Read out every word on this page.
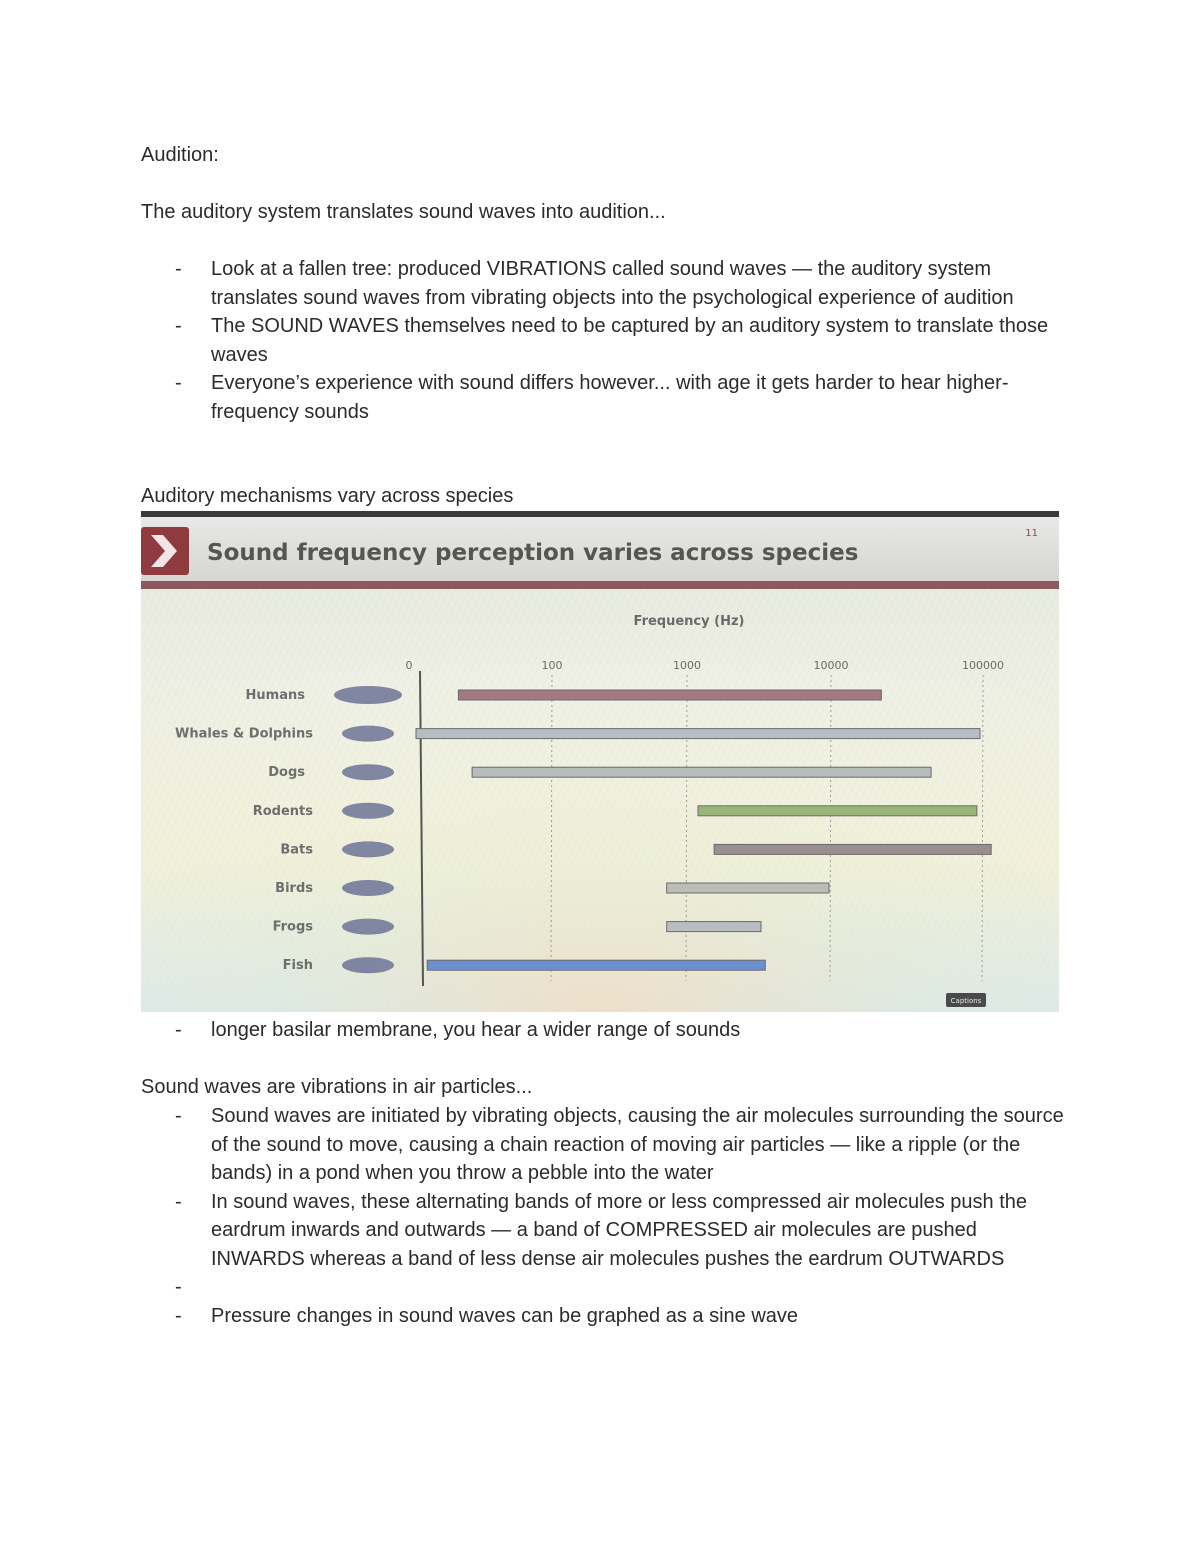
Audition:

The auditory system translates sound waves into audition...

- Look at a fallen tree: produced VIBRATIONS called sound waves — the auditory system translates sound waves from vibrating objects into the psychological experience of audition
- The SOUND WAVES themselves need to be captured by an auditory system to translate those waves
- Everyone’s experience with sound differs however... with age it gets harder to hear higher-frequency sounds

Auditory mechanisms vary across species

Sound frequency perception varies across species
11
Frequency (Hz)
0	100	1000	10000	100000
Humans
Whales & Dolphins
Dogs
Rodents
Bats
Birds
Frogs
Fish
Captions
- longer basilar membrane, you hear a wider range of sounds

Sound waves are vibrations in air particles...

- Sound waves are initiated by vibrating objects, causing the air molecules surrounding the source of the sound to move, causing a chain reaction of moving air particles — like a ripple (or the bands) in a pond when you throw a pebble into the water
- In sound waves, these alternating bands of more or less compressed air molecules push the eardrum inwards and outwards — a band of COMPRESSED air molecules are pushed INWARDS whereas a band of less dense air molecules pushes the eardrum OUTWARDS
-
- Pressure changes in sound waves can be graphed as a sine wave
